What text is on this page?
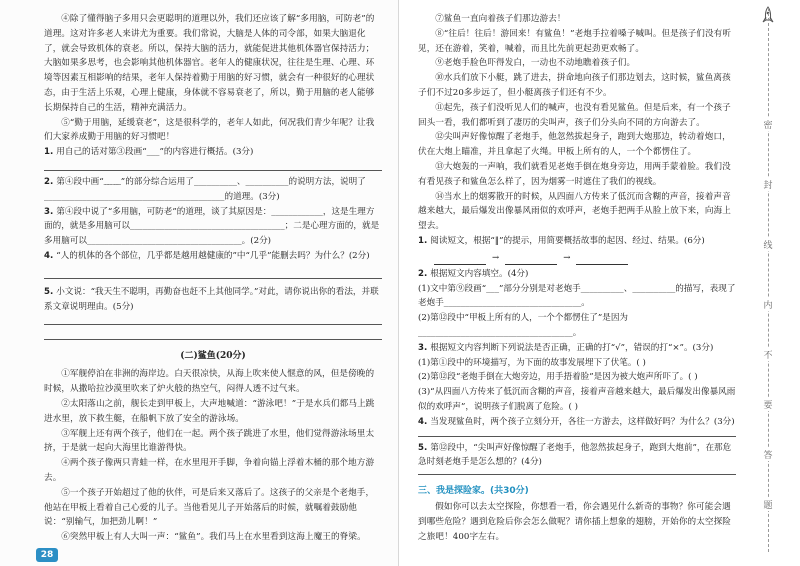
④除了懂得脑子多用只会更聪明的道理以外，我们还应该了解“多用脑，可防老”的道理。这对许多老人来讲尤为重要。我们常说，大脑是人体的司令部，如果大脑退化了，就会导致机体的衰老。所以，保持大脑的活力，就能促进其他机体器官保持活力；大脑如果多思考，也会影响其他机体器官。老年人的健康状况，往往是生理、心理、环境等因素互相影响的结果，老年人保持着勤于用脑的好习惯，就会有一种很好的心理状态，由于生活上乐观，心理上健康，身体就不容易衰老了，所以，勤于用脑的老人能够长期保持自己的生活，精神充满活力。

⑤“勤于用脑，延缓衰老”，这是很科学的，老年人如此，何况我们青少年呢？让我们大家养成勤于用脑的好习惯吧！

1. 用自己的话对第③段画“___”的内容进行概括。(3分)

2. 第④段中画“﹏﹏”的部分综合运用了__________、__________的说明方法，说明了__________________________________________的道理。(3分)

3. 第④段中说了“多用脑，可防老”的道理，谈了其原因是：____________，这是生理方面的，就是多用脑可以____________________________________；二是心理方面的，就是多用脑可以____________________________________。(2分)

4. “人的机体的各个部位，几乎都是越用越健康的”中“几乎”能删去吗？为什么？(2分)

5. 小文说：“我天生不聪明，再勤奋也赶不上其他同学。”对此，请你说出你的看法，并联系文章说明理由。(5分)

(二)鲨鱼(20分)

①军舰停泊在非洲的海岸边。白天很凉快，从海上吹来使人惬意的风，但是傍晚的时候，从撒哈拉沙漠里吹来了炉火般的热空气，闷得人透不过气来。

②太阳落山之前，舰长走到甲板上，大声地喊道：“游泳吧！”于是水兵们都马上跳进水里，放下救生艇，在船帆下放了安全的游泳场。

③军舰上还有两个孩子，他们在一起。两个孩子跳进了水里，他们觉得游泳场里太挤，于是就一起向大海里比谁游得快。

④两个孩子像两只青蛙一样，在水里甩开手脚，争着向锚上浮着木桶的那个地方游去。

⑤一个孩子开始超过了他的伙伴，可是后来又落后了。这孩子的父亲是个老炮手，他站在甲板上看着自己心爱的儿子。当他看见儿子开始落后的时候，就嘱着鼓励他说：“别输气，加把劲儿啊！”

⑥突然甲板上有人大叫一声：“鲨鱼”。我们马上在水里看到这海上魔王的脊梁。

28

⑦鲨鱼一直向着孩子们那边游去！

⑧“往后！往后！游回来！有鲨鱼！”老炮手拉着嗓子喊叫。但是孩子们没有听见，还在游着，笑着，喊着，而且比先前更起劲更欢畅了。

⑨老炮手脸色吓得发白，一动也不动地瞧着孩子们。

⑩水兵们放下小艇，跳了进去，拼命地向孩子们那边划去，这时候，鲨鱼离孩子们不过20多步远了，但小艇离孩子们还有不少。

⑪起先，孩子们没听见人们的喊声，也没有看见鲨鱼。但是后来，有一个孩子回头一看，我们都听到了凄厉的尖叫声，孩子们分头向不同的方向游去了。

⑫尖叫声好像惊醒了老炮手，他忽然拔起身子，跑到大炮那边，转动着炮口，伏在大炮上瞄准，并且拿起了火绳。甲板上所有的人，一个个都愣住了。

⑬大炮轰的一声响，我们就看见老炮手倒在炮身旁边，用两手蒙着脸。我们没有看见孩子和鲨鱼怎么样了，因为烟雾一时遮住了我们的视线。

⑭当水上的烟雾散开的时候，从四面八方传来了低沉而含糊的声音，接着声音越来越大，最后爆发出像暴风雨似的欢呼声，老炮手把两手从脸上放下来，向海上望去。

1. 阅读短文，根据“‖”的提示，用简要概括故事的起因、经过、结果。(6分)

→	→

2. 根据短文内容填空。(4分)

(1)文中第⑨段画“___”部分分别是对老炮手__________、__________的描写，表现了老炮手________________________________。

(2)第⑫段中“甲板上所有的人，一个个都愣住了”是因为____________________________________。

3. 根据短文内容判断下列说法是否正确，正确的打“√”，错误的打“×”。(3分)

(1)第①段中的环境描写，为下面的故事发展埋下了伏笔。( )

(2)第⑫段“老炮手倒在大炮旁边，用手捂着脸”是因为被大炮声所吓了。( )

(3)“从四面八方传来了低沉而含糊的声音，接着声音越来越大，最后爆发出像暴风雨似的欢呼声”，说明孩子们脱离了危险。( )

4. 当发现鲨鱼时，两个孩子立刻分开，各往一方游去，这样做好吗？为什么？(3分)

5. 第⑫段中，“尖叫声好像惊醒了老炮手，他忽然拔起身子，跑到大炮前”，在那危急时刻老炮手是怎么想的？(4分)

三、我是探险家。(共30分)

假如你可以去太空探险，你想看一看，你会遇见什么新奇的事物？你可能会遇到哪些危险？遇到危险后你会怎么做呢？请你插上想象的翅膀，开始你的太空探险之旅吧！400字左右。

密
封
线
内
不
要
答
题
